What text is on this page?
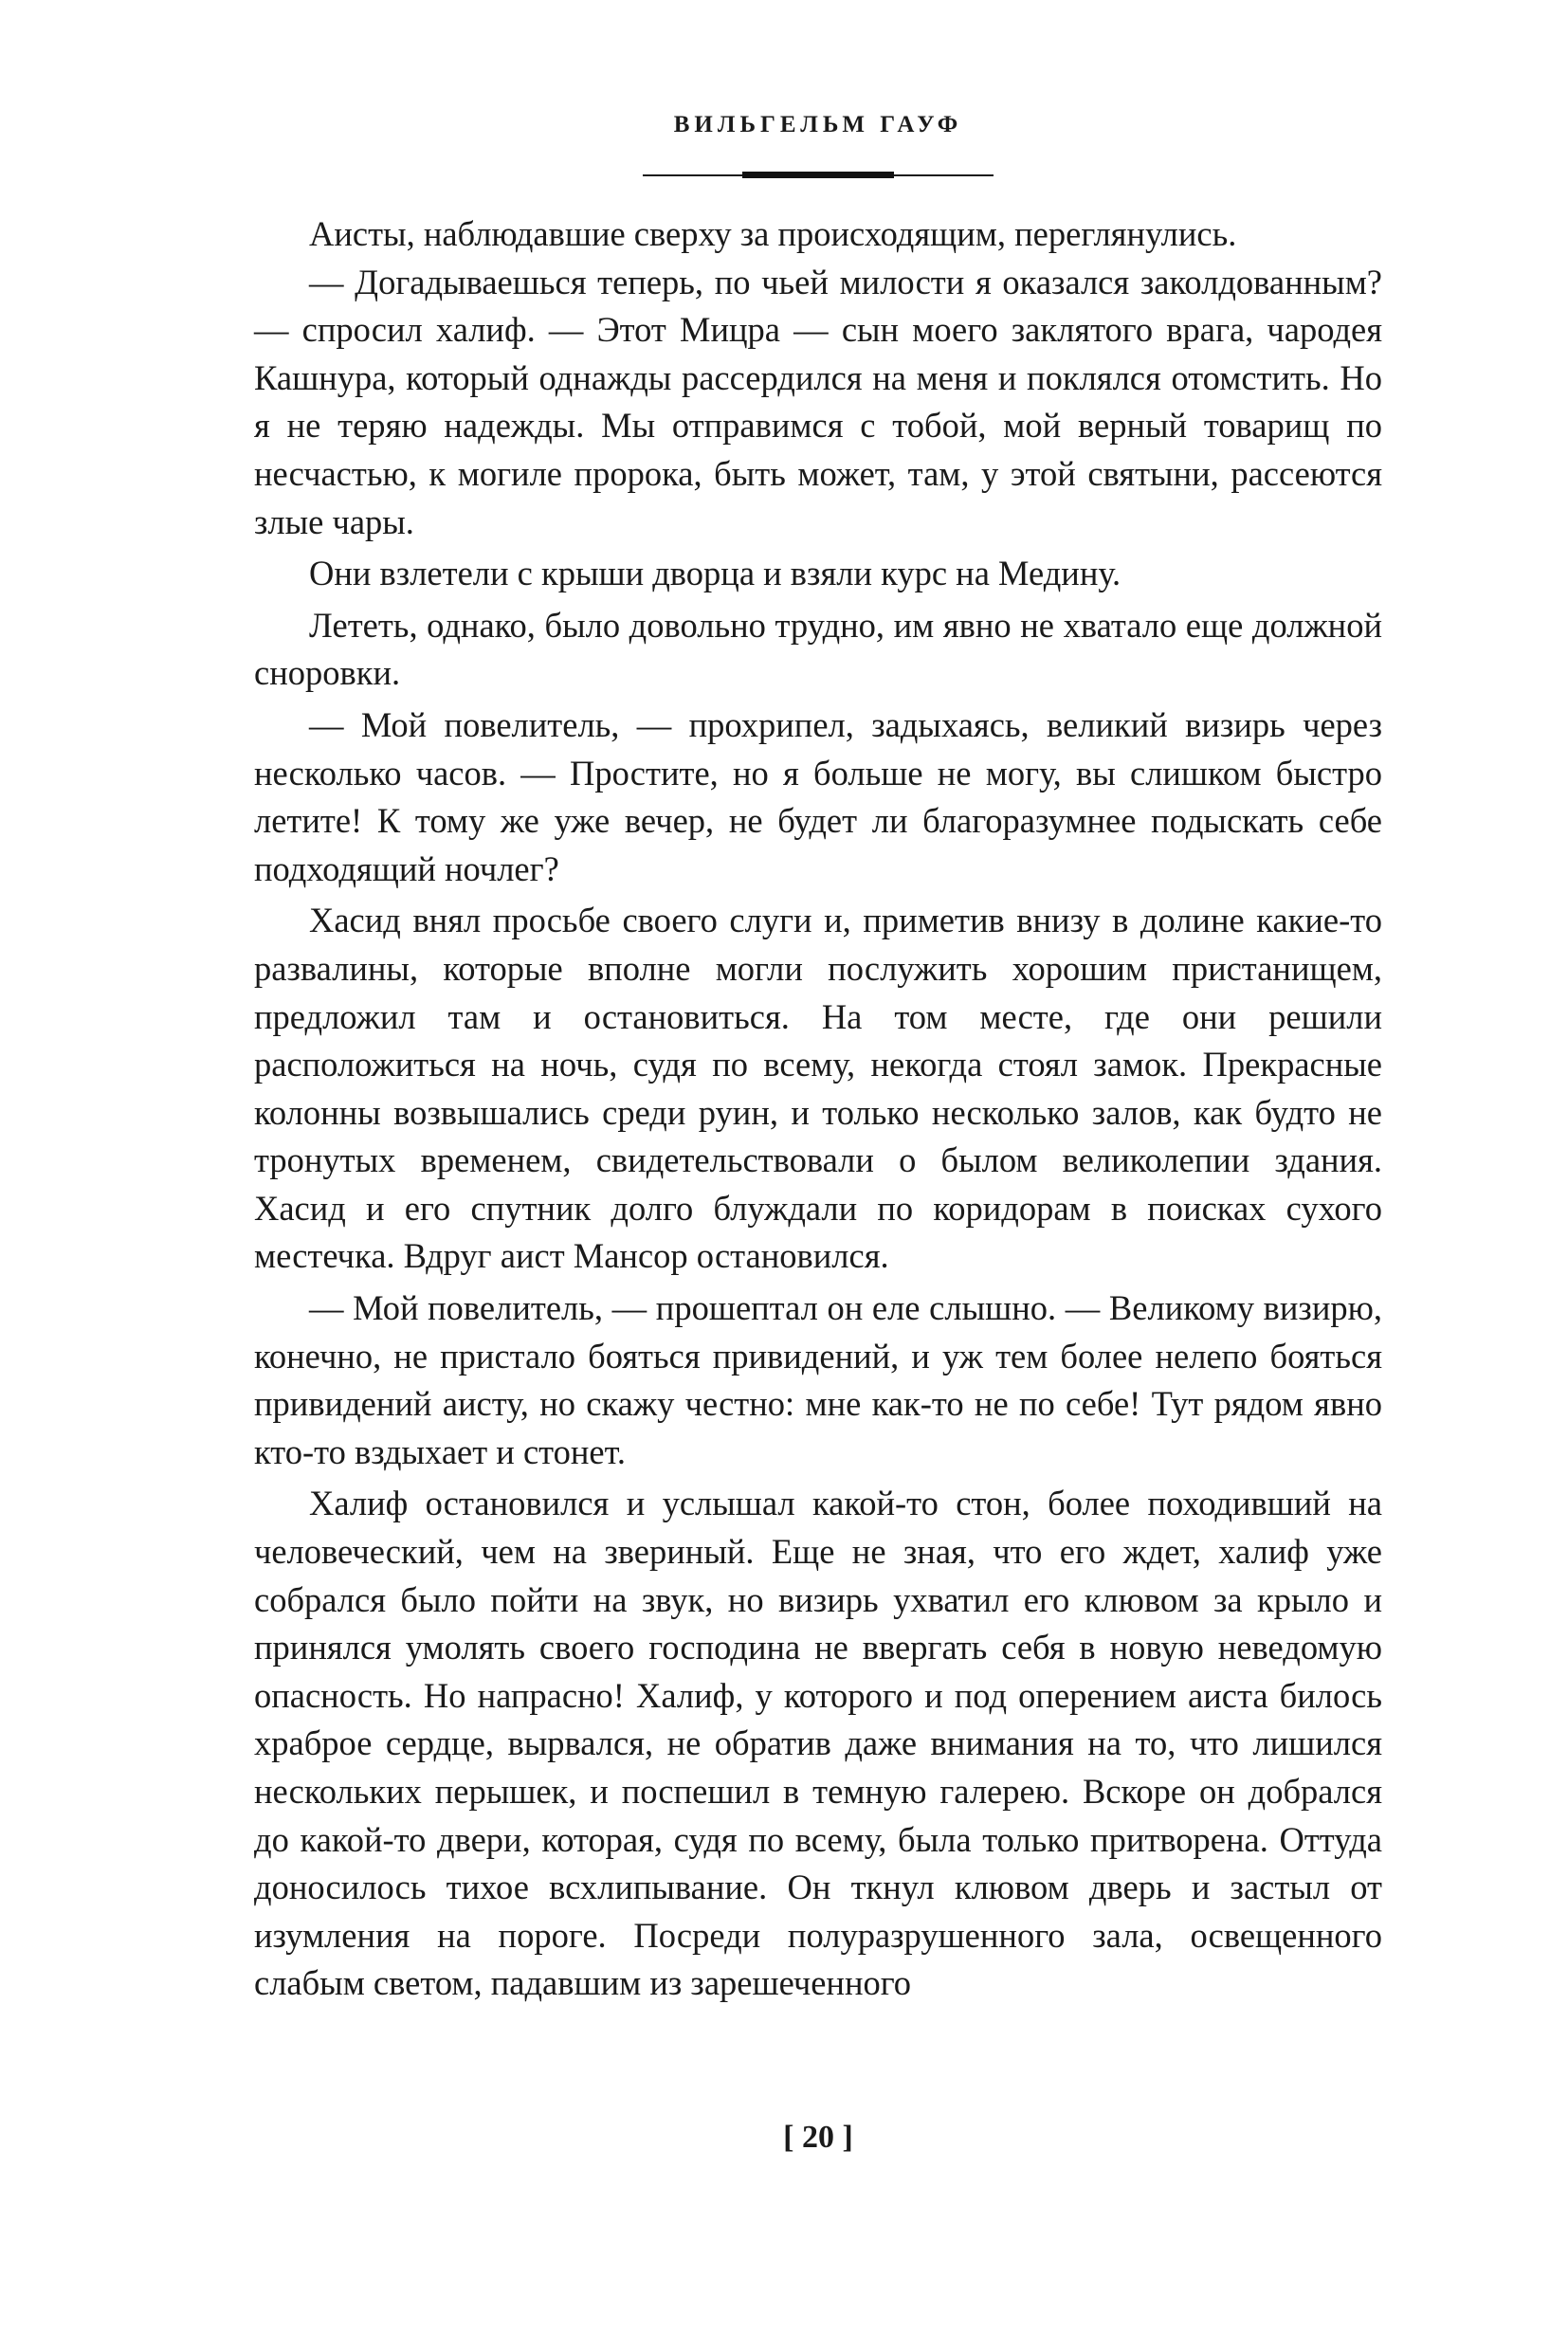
ВИЛЬГЕЛЬМ ГАУФ

Аисты, наблюдавшие сверху за происходящим, переглянулись.

— Догадываешься теперь, по чьей милости я оказался заколдованным? — спросил халиф. — Этот Мицра — сын моего заклятого врага, чародея Кашнура, который однажды рассердился на меня и поклялся отомстить. Но я не теряю надежды. Мы отправимся с тобой, мой верный товарищ по несчастью, к могиле пророка, быть может, там, у этой святыни, рассеются злые чары.

Они взлетели с крыши дворца и взяли курс на Медину.

Лететь, однако, было довольно трудно, им явно не хватало еще должной сноровки.

— Мой повелитель, — прохрипел, задыхаясь, великий визирь через несколько часов. — Простите, но я больше не могу, вы слишком быстро летите! К тому же уже вечер, не будет ли благоразумнее подыскать себе подходящий ночлег?

Хасид внял просьбе своего слуги и, приметив внизу в долине какие-то развалины, которые вполне могли послужить хорошим пристанищем, предложил там и остановиться. На том месте, где они решили расположиться на ночь, судя по всему, некогда стоял замок. Прекрасные колонны возвышались среди руин, и только несколько залов, как будто не тронутых временем, свидетельствовали о былом великолепии здания. Хасид и его спутник долго блуждали по коридорам в поисках сухого местечка. Вдруг аист Мансор остановился.

— Мой повелитель, — прошептал он еле слышно. — Великому визирю, конечно, не пристало бояться привидений, и уж тем более нелепо бояться привидений аисту, но скажу честно: мне как-то не по себе! Тут рядом явно кто-то вздыхает и стонет.

Халиф остановился и услышал какой-то стон, более походивший на человеческий, чем на звериный. Еще не зная, что его ждет, халиф уже собрался было пойти на звук, но визирь ухватил его клювом за крыло и принялся умолять своего господина не ввергать себя в новую неведомую опасность. Но напрасно! Халиф, у которого и под оперением аиста билось храброе сердце, вырвался, не обратив даже внимания на то, что лишился нескольких перышек, и поспешил в темную галерею. Вскоре он добрался до какой-то двери, которая, судя по всему, была только притворена. Оттуда доносилось тихое всхлипывание. Он ткнул клювом дверь и застыл от изумления на пороге. Посреди полуразрушенного зала, освещенного слабым светом, падавшим из зарешеченного

[ 20 ]
